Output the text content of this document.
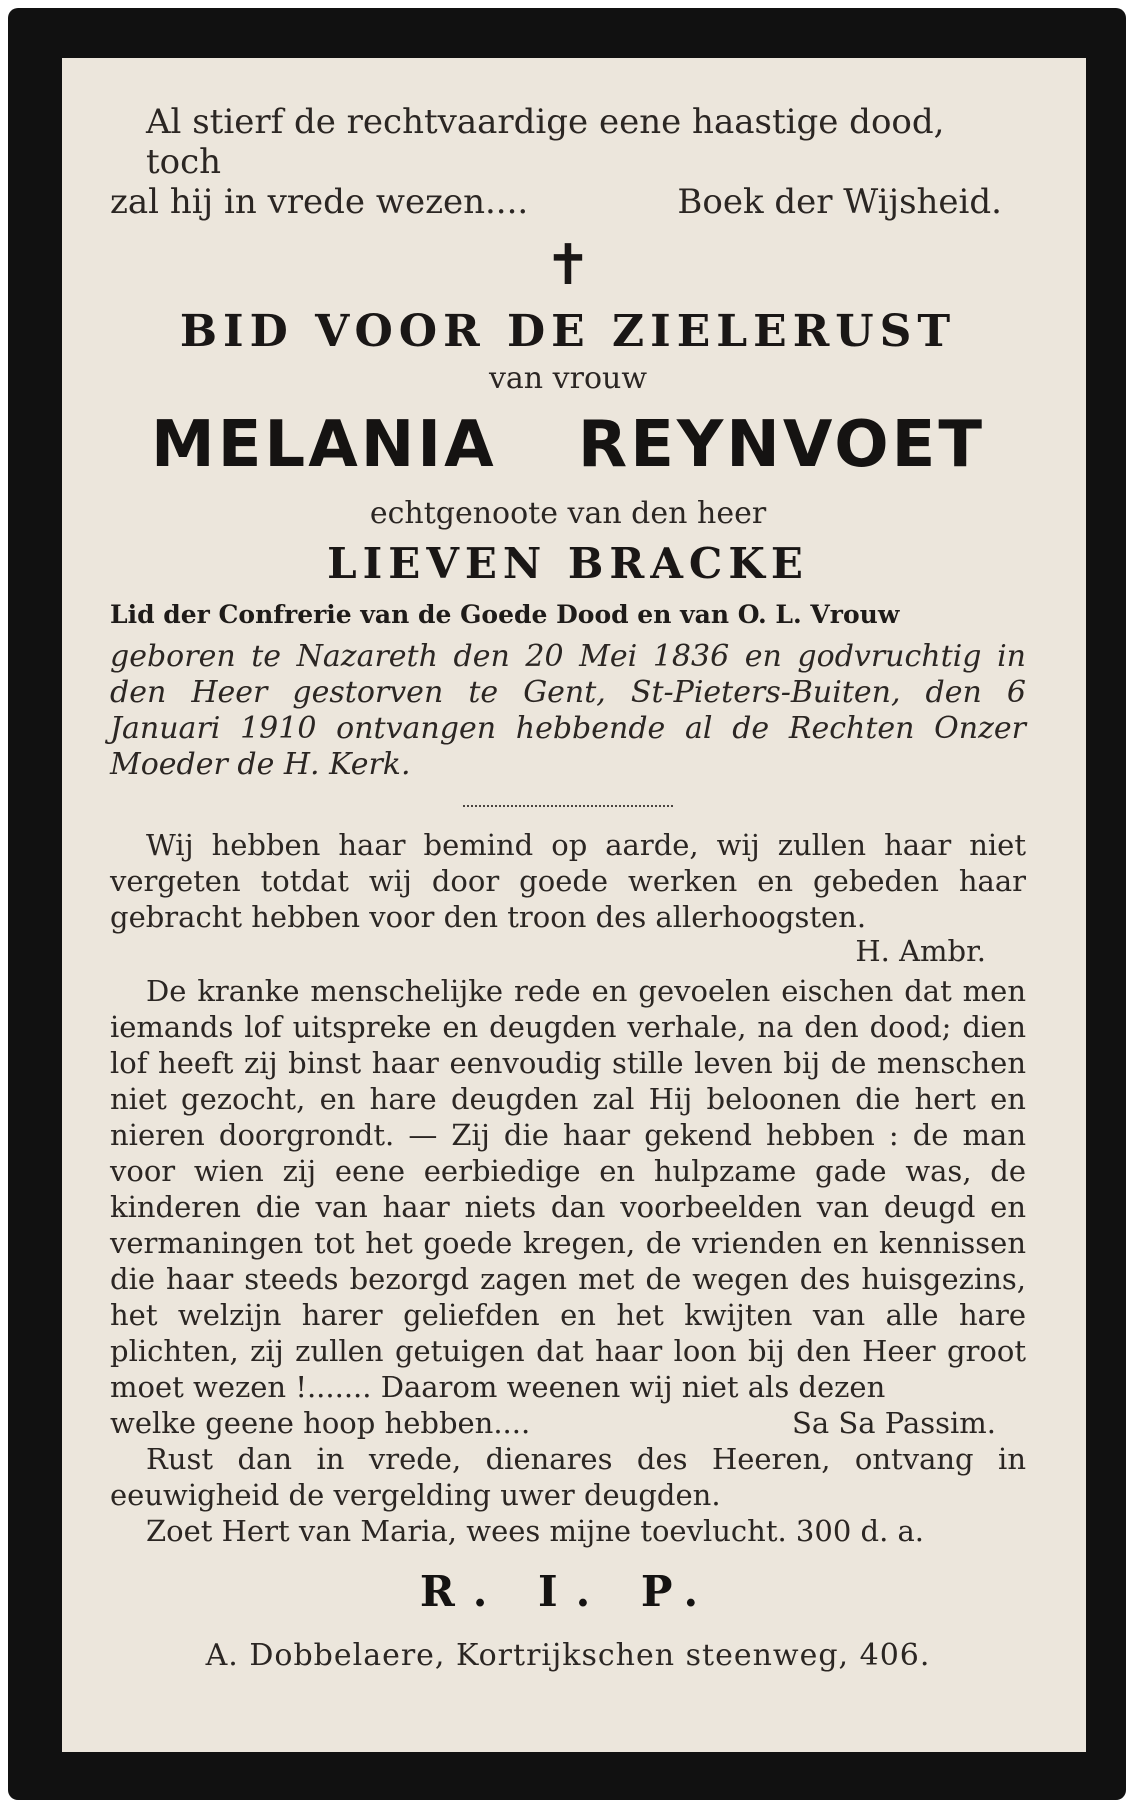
Al stierf de rechtvaardige eene haastige dood, toch
zal hij in vrede wezen....	Boek der Wijsheid.
✝
BID VOOR DE ZIELERUST
van vrouw
MELANIA REYNVOET
echtgenoote van den heer
LIEVEN BRACKE
Lid der Confrerie van de Goede Dood en van O. L. Vrouw
geboren te Nazareth den 20 Mei 1836 en godvruchtig in den Heer gestorven te Gent, St-Pieters-Buiten, den 6 Januari 1910 ontvangen hebbende al de Rechten Onzer Moeder de H. Kerk.
Wij hebben haar bemind op aarde, wij zullen haar niet vergeten totdat wij door goede werken en gebeden haar gebracht hebben voor den troon des allerhoogsten.
H. Ambr.
De kranke menschelijke rede en gevoelen eischen dat men iemands lof uitspreke en deugden verhale, na den dood; dien lof heeft zij binst haar eenvoudig stille leven bij de menschen niet gezocht, en hare deugden zal Hij beloonen die hert en nieren doorgrondt. — Zij die haar gekend hebben : de man voor wien zij eene eerbiedige en hulpzame gade was, de kinderen die van haar niets dan voorbeelden van deugd en vermaningen tot het goede kregen, de vrienden en kennissen die haar steeds bezorgd zagen met de wegen des huisgezins, het welzijn harer geliefden en het kwijten van alle hare plichten, zij zullen getuigen dat haar loon bij den Heer groot moet wezen !....... Daarom weenen wij niet als dezen
welke geene hoop hebben....	Sa Sa Passim.
Rust dan in vrede, dienares des Heeren, ontvang in eeuwigheid de vergelding uwer deugden.
Zoet Hert van Maria, wees mijne toevlucht. 300 d. a.
R. I. P.
A. Dobbelaere, Kortrijkschen steenweg, 406.
